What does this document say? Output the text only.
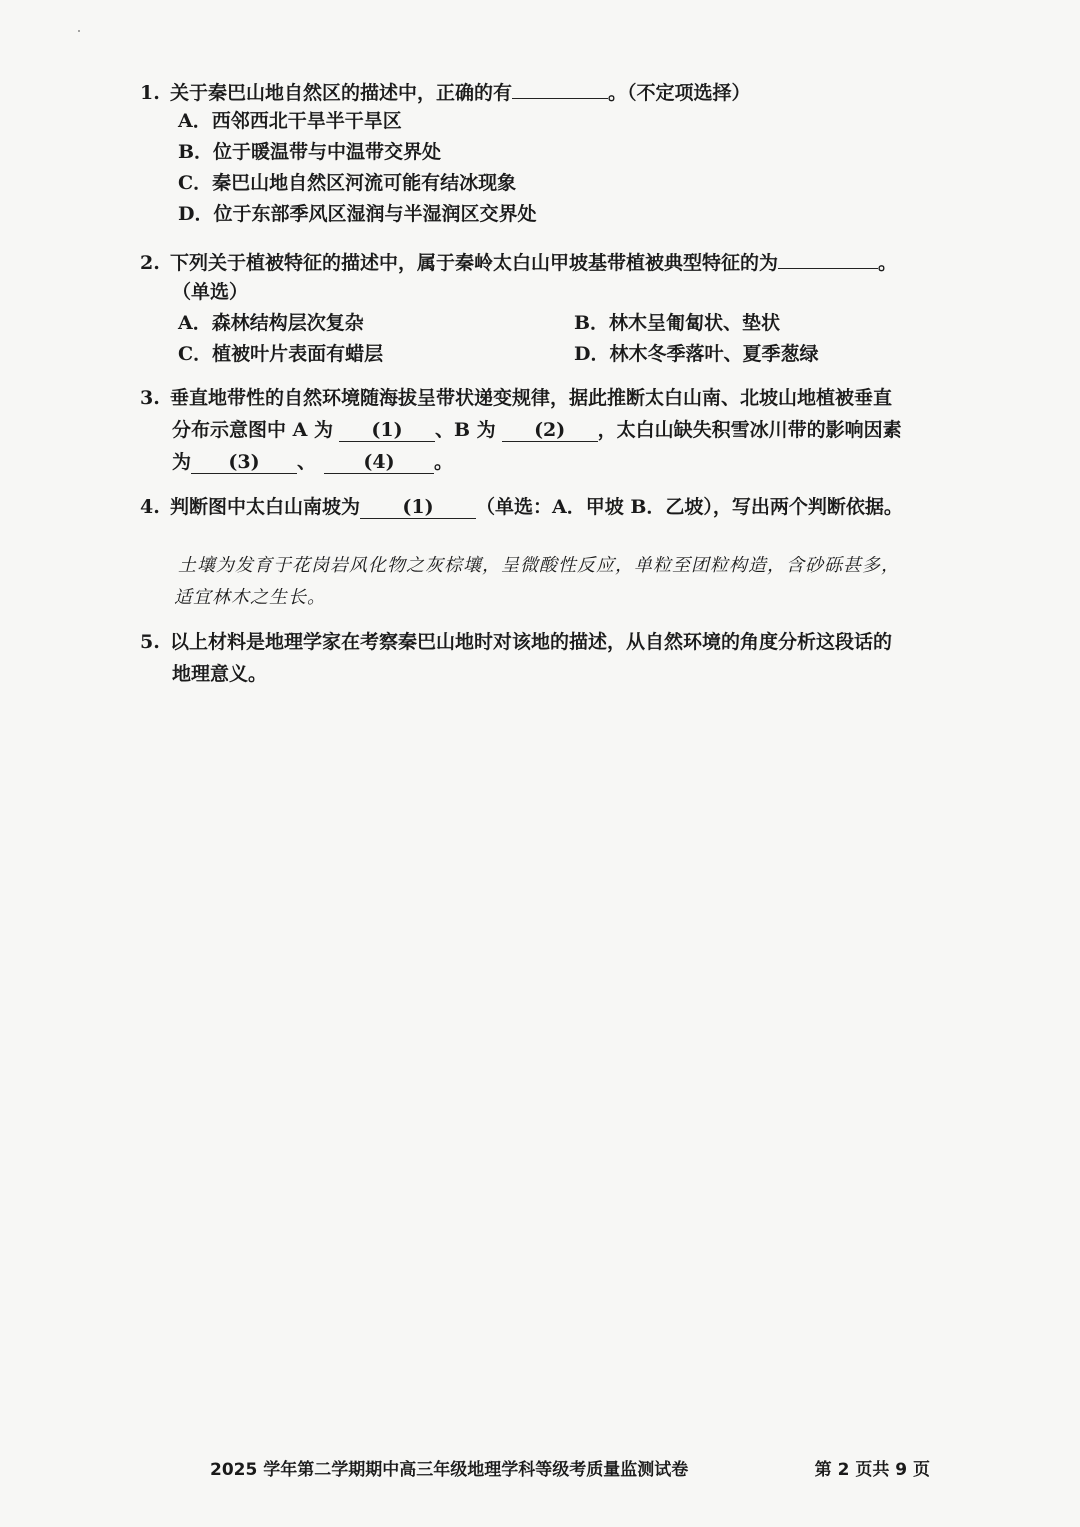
1. 关于秦巴山地自然区的描述中，正确的有	。（不定项选择）
A．西邻西北干旱半干旱区
B．位于暖温带与中温带交界处
C．秦巴山地自然区河流可能有结冰现象
D．位于东部季风区湿润与半湿润区交界处
2. 下列关于植被特征的描述中，属于秦岭太白山甲坡基带植被典型特征的为	。
（单选）
A．森林结构层次复杂	B．林木呈匍匐状、垫状
C．植被叶片表面有蜡层	D．林木冬季落叶、夏季葱绿
3. 垂直地带性的自然环境随海拔呈带状递变规律，据此推断太白山南、北坡山地植被垂直
分布示意图中 A 为 (1) 、B 为 (2) ，太白山缺失积雪冰川带的影响因素
为 (3) 、 (4) 。
4. 判断图中太白山南坡为 (1) （单选：A．甲坡 B．乙坡），写出两个判断依据。
土壤为发育于花岗岩风化物之灰棕壤，呈微酸性反应，单粒至团粒构造，含砂砾甚多，
适宜林木之生长。
5. 以上材料是地理学家在考察秦巴山地时对该地的描述，从自然环境的角度分析这段话的
地理意义。
2025 学年第二学期期中高三年级地理学科等级考质量监测试卷	第 2 页共 9 页
